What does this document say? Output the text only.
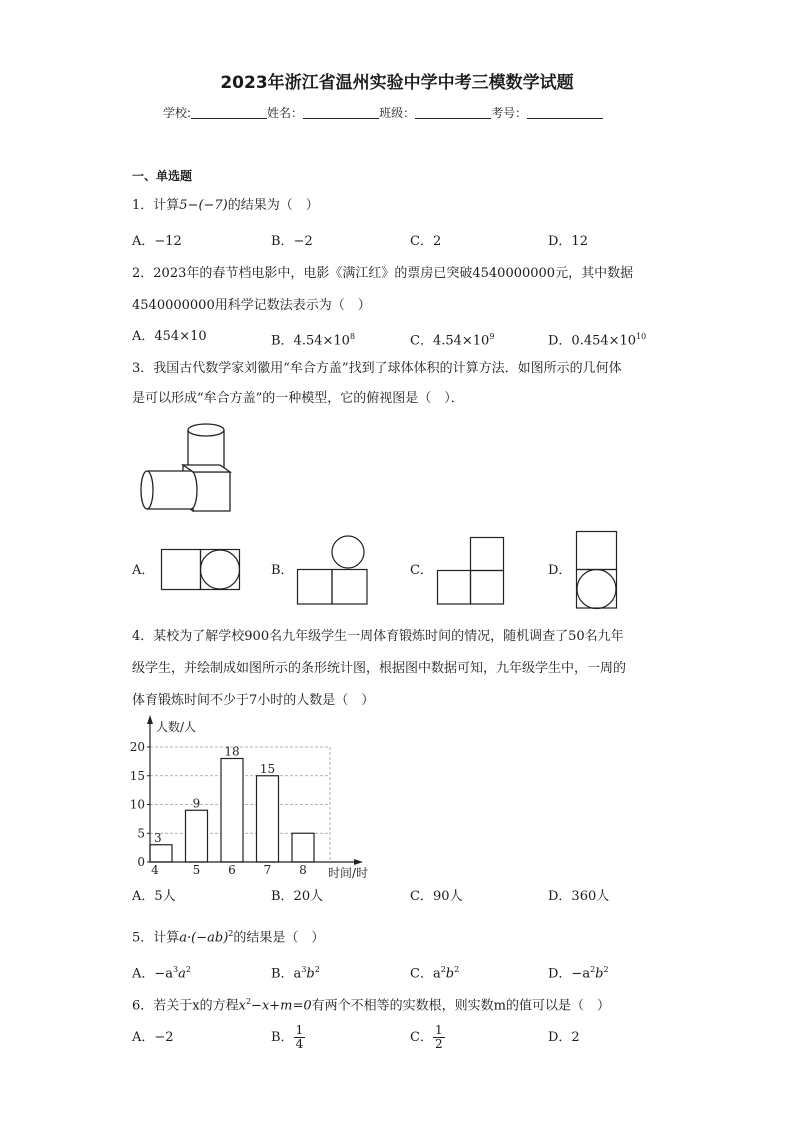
2023年浙江省温州实验中学中考三模数学试题
学校:	姓名：	班级：	考号：
一、单选题
1．计算5−(−7)的结果为（　）
A．−12	B．−2	C．2	D．12
2．2023年的春节档电影中，电影《满江红》的票房已突破4540000000元，其中数据
4540000000用科学记数法表示为（　）
A．454×10	B．$4.54\times 10^8$	C．$4.54\times 10^9$	D．$0.454\times 10^{10}$
3．我国古代数学家刘徽用“牟合方盖”找到了球体体积的计算方法．如图所示的几何体
是可以形成“牟合方盖”的一种模型，它的俯视图是（　）．
A．	B．	C．	D．
4．某校为了解学校900名九年级学生一周体育锻炼时间的情况，随机调查了50名九年
级学生，并绘制成如图所示的条形统计图，根据图中数据可知，九年级学生中，一周的
体育锻炼时间不少于7小时的人数是（　）
0
5
10
15
20
3
4
9
5
18
6
15
7 8
人数/人
时间/时
A．5人	B．20人	C．90人	D．360人
5．计算$a\cdot(-ab)^2$的结果是（　）
A．$-a^3a^2$	B．$a^3b^2$	C．$a^2b^2$	D．$-a^2b^2$
6．若关于x的方程$x^2-x+m=0$有两个不相等的实数根，则实数m的值可以是（　）
A．−2	B． $\frac{1}{4}$	C． $\frac{1}{2}$	D．2
